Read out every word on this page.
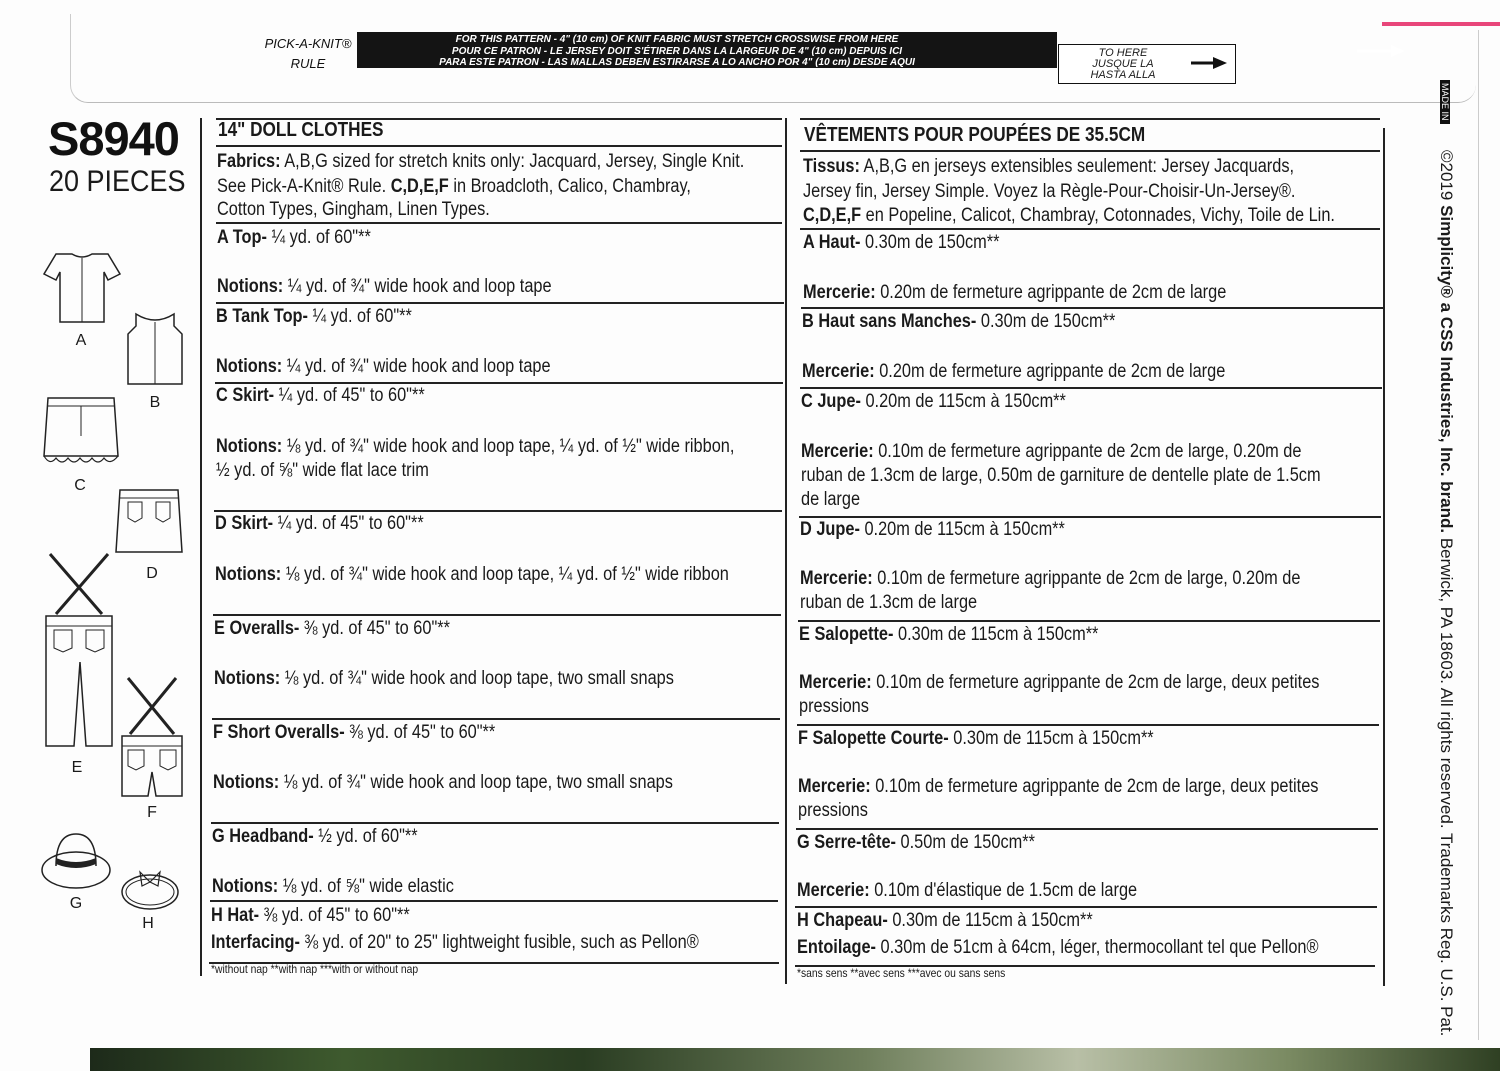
PICK-A-KNIT®
RULE
FOR THIS PATTERN - 4" (10 cm) OF KNIT FABRIC MUST STRETCH CROSSWISE FROM HERE
POUR CE PATRON - LE JERSEY DOIT S'ÉTIRER DANS LA LARGEUR DE 4" (10 cm) DEPUIS ICI
PARA ESTE PATRON - LAS MALLAS DEBEN ESTIRARSE A LO ANCHO POR 4" (10 cm) DESDE AQUI
TO HERE
JUSQUE LA
HASTA ALLA
S8940
20 PIECES
A
B
C
D
E
F
G
H
14" DOLL CLOTHES
Fabrics: A,B,G sized for stretch knits only: Jacquard, Jersey, Single Knit.
See Pick-A-Knit® Rule. C,D,E,F in Broadcloth, Calico, Chambray,
Cotton Types, Gingham, Linen Types.
A Top- ¼ yd. of 60"**
Notions: ¼ yd. of ¾" wide hook and loop tape
B Tank Top- ¼ yd. of 60"**
Notions: ¼ yd. of ¾" wide hook and loop tape
C Skirt- ¼ yd. of 45" to 60"**
Notions: ⅛ yd. of ¾" wide hook and loop tape, ¼ yd. of ½" wide ribbon,
½ yd. of ⅝" wide flat lace trim
D Skirt- ¼ yd. of 45" to 60"**
Notions: ⅛ yd. of ¾" wide hook and loop tape, ¼ yd. of ½" wide ribbon
E Overalls- ⅜ yd. of 45" to 60"**
Notions: ⅛ yd. of ¾" wide hook and loop tape, two small snaps
F Short Overalls- ⅜ yd. of 45" to 60"**
Notions: ⅛ yd. of ¾" wide hook and loop tape, two small snaps
G Headband- ½ yd. of 60"**
Notions: ⅛ yd. of ⅝" wide elastic
H Hat- ⅜ yd. of 45" to 60"**
Interfacing- ⅜ yd. of 20" to 25" lightweight fusible, such as Pellon®
*without nap **with nap ***with or without nap
VÊTEMENTS POUR POUPÉES DE 35.5CM
Tissus: A,B,G en jerseys extensibles seulement: Jersey Jacquards,
Jersey fin, Jersey Simple. Voyez la Règle-Pour-Choisir-Un-Jersey®.
C,D,E,F en Popeline, Calicot, Chambray, Cotonnades, Vichy, Toile de Lin.
A Haut- 0.30m de 150cm**
Mercerie: 0.20m de fermeture agrippante de 2cm de large
B Haut sans Manches- 0.30m de 150cm**
Mercerie: 0.20m de fermeture agrippante de 2cm de large
C Jupe- 0.20m de 115cm à 150cm**
Mercerie: 0.10m de fermeture agrippante de 2cm de large, 0.20m de
ruban de 1.3cm de large, 0.50m de garniture de dentelle plate de 1.5cm
de large
D Jupe- 0.20m de 115cm à 150cm**
Mercerie: 0.10m de fermeture agrippante de 2cm de large, 0.20m de
ruban de 1.3cm de large
E Salopette- 0.30m de 115cm à 150cm**
Mercerie: 0.10m de fermeture agrippante de 2cm de large, deux petites
pressions
F Salopette Courte- 0.30m de 115cm à 150cm**
Mercerie: 0.10m de fermeture agrippante de 2cm de large, deux petites
pressions
G Serre-tête- 0.50m de 150cm**
Mercerie: 0.10m d'élastique de 1.5cm de large
H Chapeau- 0.30m de 115cm à 150cm**
Entoilage- 0.30m de 51cm à 64cm, léger, thermocollant tel que Pellon®
*sans sens **avec sens ***avec ou sans sens
MADE IN
©2019 Simplicity® a CSS Industries, Inc. brand. Berwick, PA 18603. All rights reserved. Trademarks Reg. U.S. Pat.
